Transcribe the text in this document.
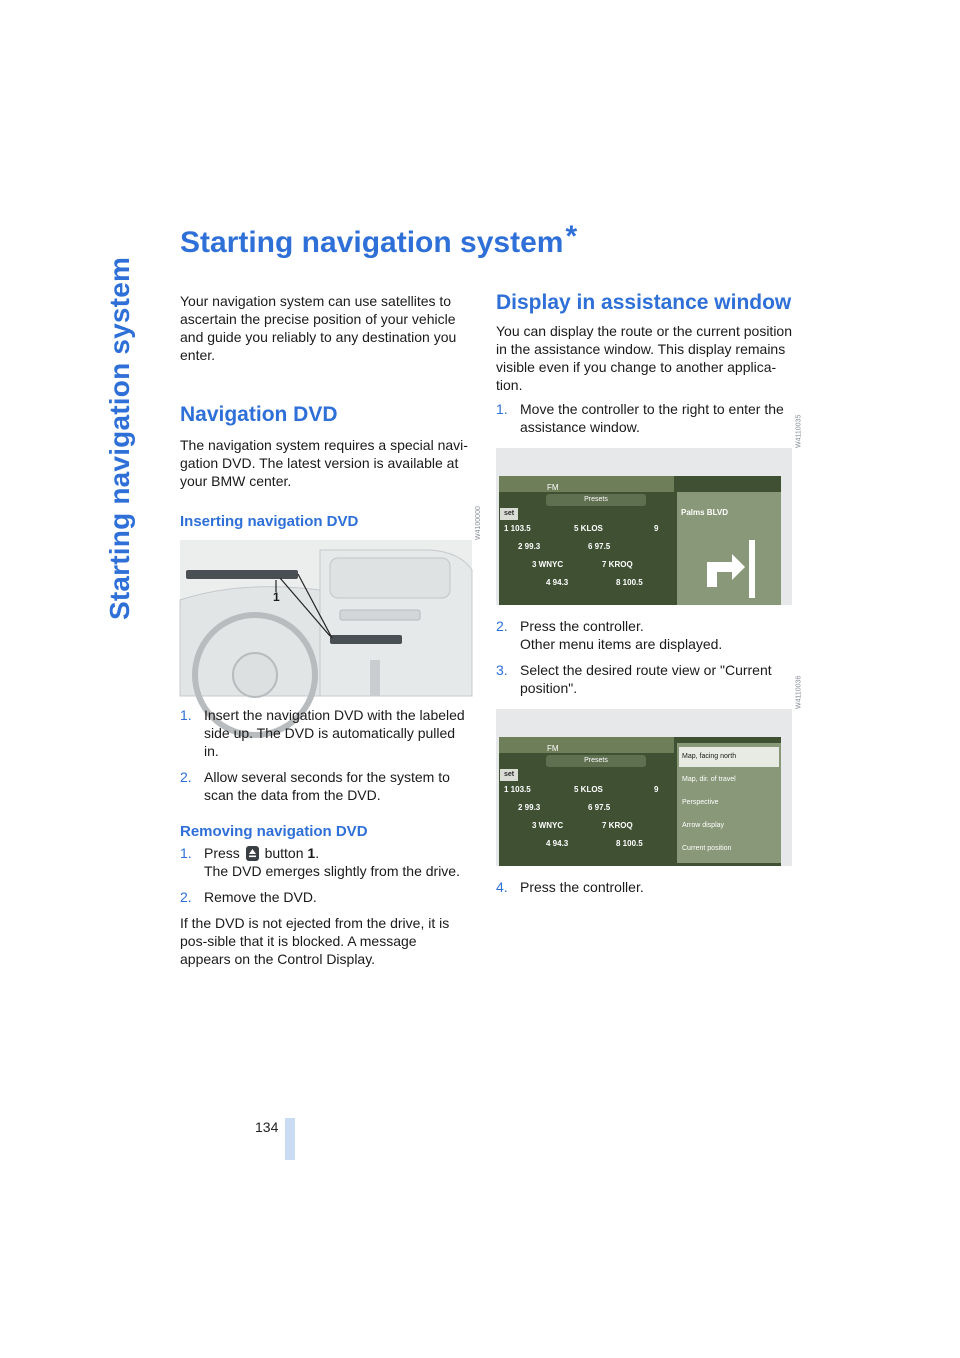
Starting navigation system
134
Starting navigation system*

Your navigation system can use satellites to ascertain the precise position of your vehicle and guide you reliably to any destination you enter.

Navigation DVD

The navigation system requires a special navi-gation DVD. The latest version is available at your BMW center.

Inserting navigation DVD
1
W4100000
1. Insert the navigation DVD with the labeled side up. The DVD is automatically pulled in.
2. Allow several seconds for the system to scan the data from the DVD.
Removing navigation DVD
1. Press button 1.
The DVD emerges slightly from the drive.
2. Remove the DVD.

If the DVD is not ejected from the drive, it is pos-sible that it is blocked. A message appears on the Control Display.

Display in assistance window

You can display the route or the current position in the assistance window. This display remains visible even if you change to another applica-tion.

1. Move the controller to the right to enter the assistance window.
FM
Presets
set	Palms BLVD
1 103.5	5 KLOS	9
2 99.3	6 97.5
3 WNYC	7 KROQ
4 94.3	8 100.5
W4110035
2. Press the controller.
Other menu items are displayed.
3. Select the desired route view or "Current position".
FM
Presets
set
Map, facing north
Map, dir. of travel
Perspective
Arrow display
Current position
Trip computer
1 103.5	5 KLOS	9
2 99.3	6 97.5
3 WNYC	7 KROQ
4 94.3	8 100.5
W4110036
4. Press the controller.
